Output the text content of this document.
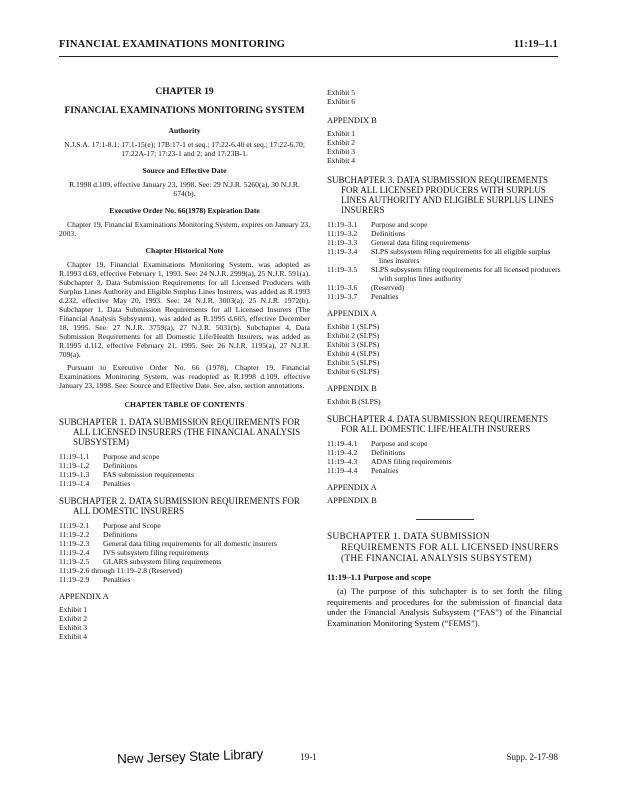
FINANCIAL EXAMINATIONS MONITORING	11:19–1.1
CHAPTER 19
FINANCIAL EXAMINATIONS MONITORING SYSTEM
Authority

N.J.S.A. 17:1-8.1; 17:1-15(e); 17B:17-1 et seq.; 17:22-6.40 et seq.; 17:22-6.70; 17:22A-17; 17:23-1 and 2; and 17:23B-1.

Source and Effective Date

R.1998 d.109, effective January 23, 1998. See: 29 N.J.R. 5260(a), 30 N.J.R. 674(b).

Executive Order No. 66(1978) Expiration Date

Chapter 19, Financial Examinations Monitoring System, expires on January 23, 2003.

Chapter Historical Note

Chapter 19, Financial Examinations Monitoring System, was adopted as R.1993 d.69, effective February 1, 1993. See: 24 N.J.R. 2999(a), 25 N.J.R. 591(a). Subchapter 3, Data Submission Requirements for all Licensed Producers with Surplus Lines Authority and Eligible Surplus Lines Insurers, was added as R.1993 d.232, effective May 20, 1993. See: 24 N.J.R. 3003(a), 25 N.J.R. 1972(b). Subchapter 1, Data Submission Requirements for all Licensed Insurers (The Financial Analysis Subsystem), was added as R.1995 d.665, effective December 18, 1995. See: 27 N.J.R. 3759(a), 27 N.J.R. 5031(b). Subchapter 4, Data Submission Requirements for all Domestic Life/Health Insurers, was added as R.1995 d.112, effective February 21, 1995. See: 26 N.J.R. 1195(a), 27 N.J.R. 709(a).

Pursuant to Executive Order No. 66 (1978), Chapter 19, Financial Examinations Monitoring System, was readopted as R.1998 d.109, effective January 23, 1998. See: Source and Effective Date. See, also, section annotations.

CHAPTER TABLE OF CONTENTS
SUBCHAPTER 1. DATA SUBMISSION REQUIREMENTS FOR ALL LICENSED INSURERS (THE FINANCIAL ANALYSIS SUBSYSTEM)
11:19–1.1	Purpose and scope
11:19–1.2	Definitions
11:19–1.3	FAS submission requirements
11:19–1.4	Penalties
SUBCHAPTER 2. DATA SUBMISSION REQUIREMENTS FOR ALL DOMESTIC INSURERS
11:19–2.1	Purpose and Scope
11:19–2.2	Definitions
11:19–2.3	General data filing requirements for all domestic insurers
11:19–2.4	IVS subsystem filing requirements
11:19–2.5	GLARS subsystem filing requirements
11:19–2.6 through 11:19–2.8 (Reserved)
11:19–2.9	Penalties
APPENDIX A
Exhibit 1
Exhibit 2
Exhibit 3
Exhibit 4
Exhibit 5
Exhibit 6
APPENDIX B
Exhibit 1
Exhibit 2
Exhibit 3
Exhibit 4
SUBCHAPTER 3. DATA SUBMISSION REQUIREMENTS FOR ALL LICENSED PRODUCERS WITH SURPLUS LINES AUTHORITY AND ELIGIBLE SURPLUS LINES INSURERS
11:19–3.1	Purpose and scope
11:19–3.2	Definitions
11:19–3.3	General data filing requirements
11:19–3.4	SLPS subsystem filing requirements for all eligible surplus lines insurers
11:19–3.5	SLPS subsystem filing requirements for all licensed producers with surplus lines authority
11:19–3.6	(Reserved)
11:19–3.7	Penalties
APPENDIX A
Exhibit 1 (SLPS)
Exhibit 2 (SLPS)
Exhibit 3 (SLPS)
Exhibit 4 (SLPS)
Exhibit 5 (SLPS)
Exhibit 6 (SLPS)
APPENDIX B
Exhibit B (SLPS)
SUBCHAPTER 4. DATA SUBMISSION REQUIREMENTS FOR ALL DOMESTIC LIFE/HEALTH INSURERS
11:19–4.1	Purpose and scope
11:19–4.2	Definitions
11:19–4.3	ADAS filing requirements
11:19–4.4	Penalties
APPENDIX A
APPENDIX B
SUBCHAPTER 1. DATA SUBMISSION REQUIREMENTS FOR ALL LICENSED INSURERS (THE FINANCIAL ANALYSIS SUBSYSTEM)
11:19–1.1 Purpose and scope
(a) The purpose of this subchapter is to set forth the filing requirements and procedures for the submission of financial data under the Financial Analysis Subsystem (“FAS”) of the Financial Examination Monitoring System (“FEMS”).
New Jersey State Library	19-1	Supp. 2-17-98
